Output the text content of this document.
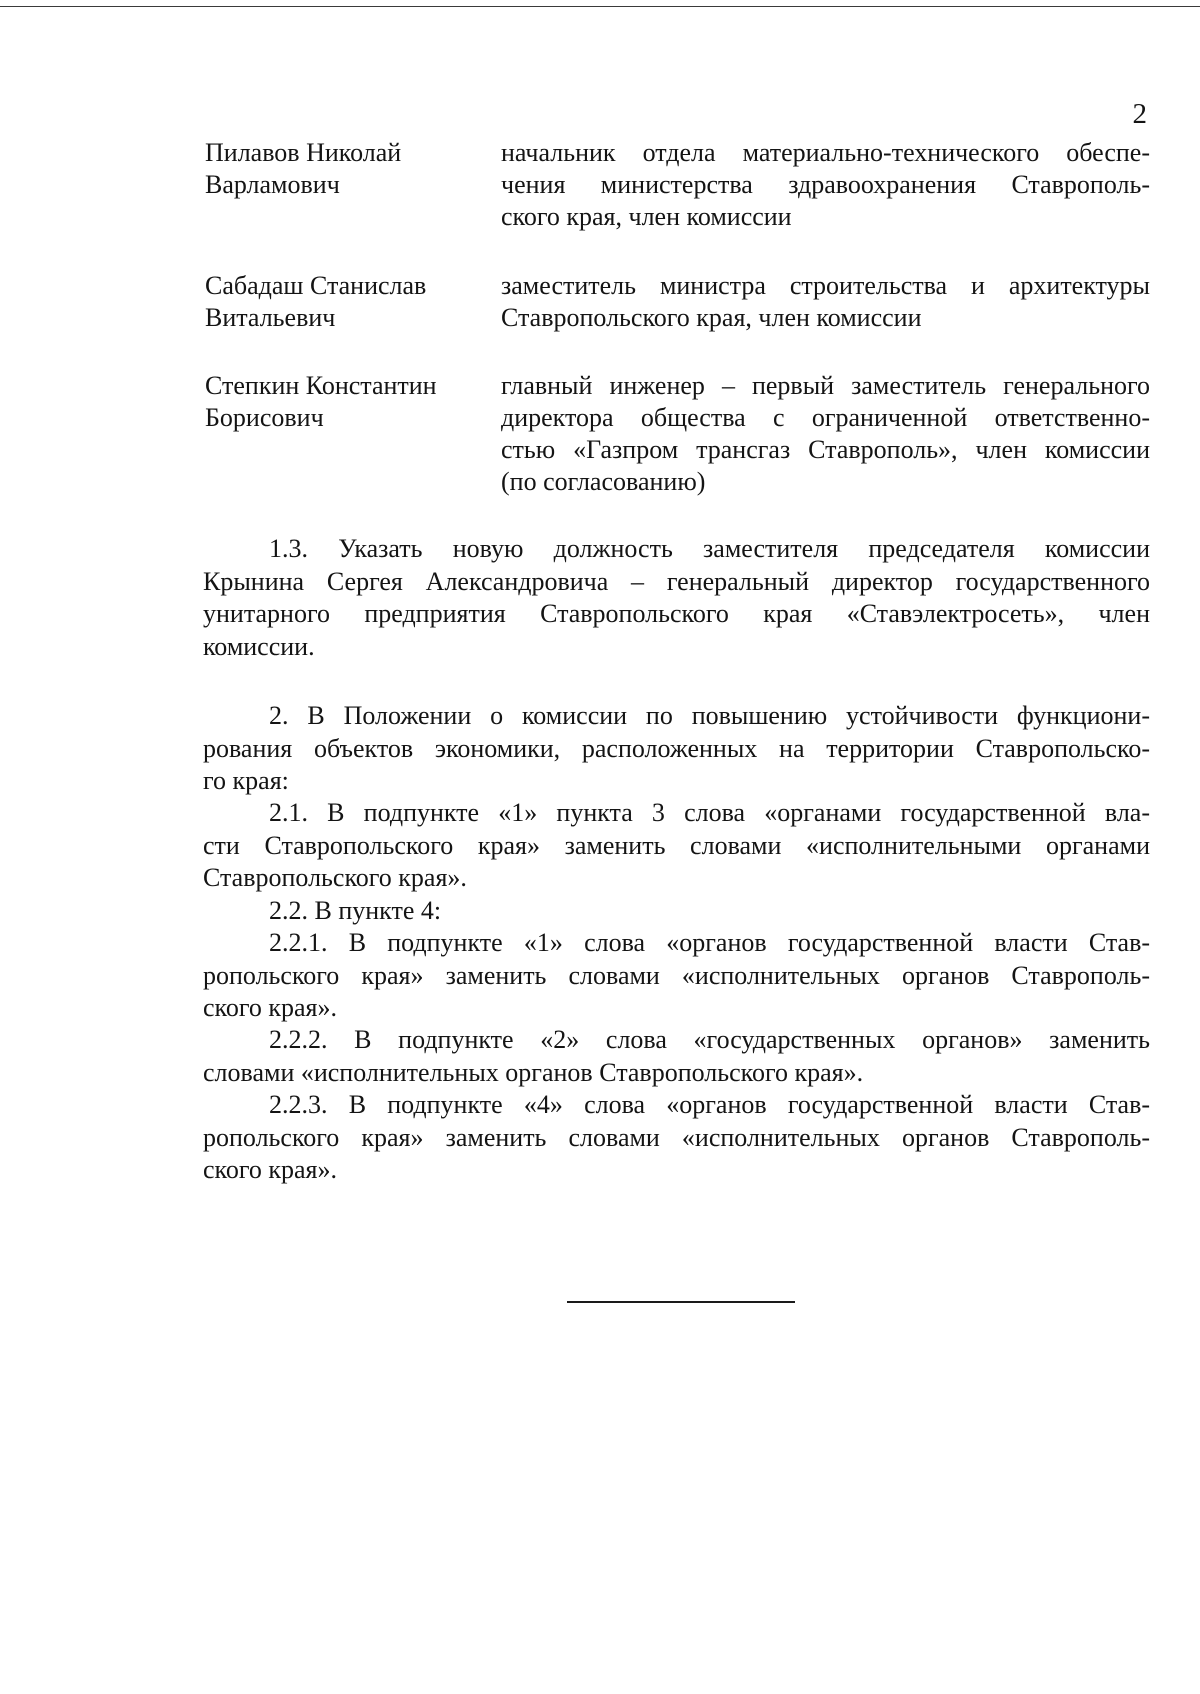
2
Пилавов Николай
Варламович
начальник отдела материально-технического обеспе-
чения министерства здравоохранения Ставрополь-
ского края, член комиссии
Сабадаш Станислав
Витальевич
заместитель министра строительства и архитектуры
Ставропольского края, член комиссии
Степкин Константин
Борисович
главный инженер – первый заместитель генерального
директора общества с ограниченной ответственно-
стью «Газпром трансгаз Ставрополь», член комиссии
(по согласованию)
1.3. Указать новую должность заместителя председателя комиссии
Крынина Сергея Александровича – генеральный директор государственного
унитарного предприятия Ставропольского края «Ставэлектросеть», член
комиссии.
2. В Положении о комиссии по повышению устойчивости функциони-
рования объектов экономики, расположенных на территории Ставропольско-
го края:
2.1. В подпункте «1» пункта 3 слова «органами государственной вла-
сти Ставропольского края» заменить словами «исполнительными органами
Ставропольского края».
2.2. В пункте 4:
2.2.1. В подпункте «1» слова «органов государственной власти Став-
ропольского края» заменить словами «исполнительных органов Ставрополь-
ского края».
2.2.2. В подпункте «2» слова «государственных органов» заменить
словами «исполнительных органов Ставропольского края».
2.2.3. В подпункте «4» слова «органов государственной власти Став-
ропольского края» заменить словами «исполнительных органов Ставрополь-
ского края».
